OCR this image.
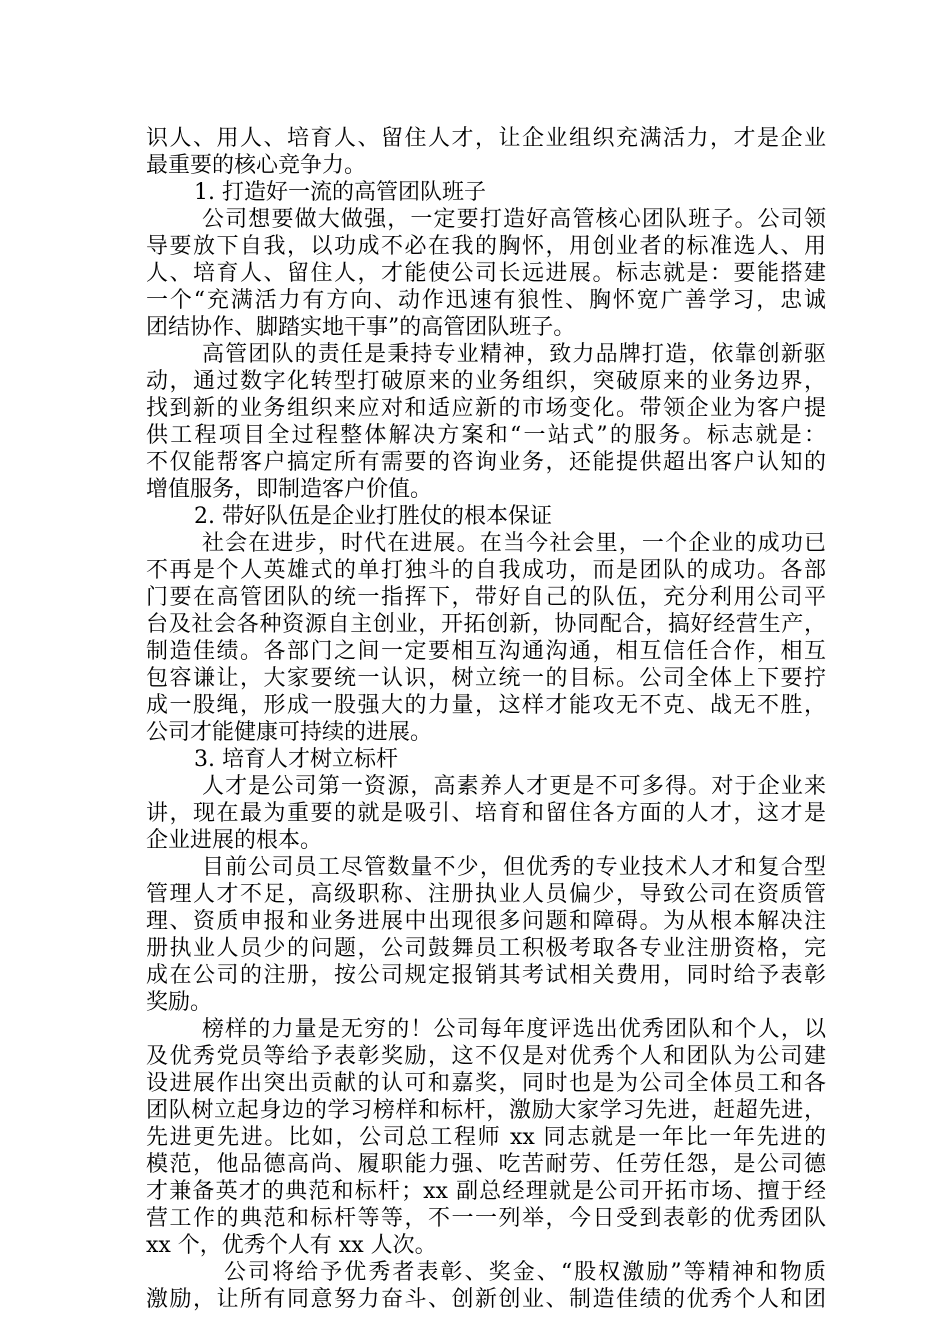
识人、用人、培育人、留住人才，让企业组织充满活力，才是企业
最重要的核心竞争力。
1. 打造好一流的高管团队班子
公司想要做大做强，一定要打造好高管核心团队班子。公司领
导要放下自我，以功成不必在我的胸怀，用创业者的标准选人、用
人、培育人、留住人，才能使公司长远进展。标志就是：要能搭建
一个“充满活力有方向、动作迅速有狼性、胸怀宽广善学习，忠诚
团结协作、脚踏实地干事”的高管团队班子。
高管团队的责任是秉持专业精神，致力品牌打造，依靠创新驱
动，通过数字化转型打破原来的业务组织，突破原来的业务边界，
找到新的业务组织来应对和适应新的市场变化。带领企业为客户提
供工程项目全过程整体解决方案和“一站式”的服务。标志就是：
不仅能帮客户搞定所有需要的咨询业务，还能提供超出客户认知的
增值服务，即制造客户价值。
2. 带好队伍是企业打胜仗的根本保证
社会在进步，时代在进展。在当今社会里，一个企业的成功已
不再是个人英雄式的单打独斗的自我成功，而是团队的成功。各部
门要在高管团队的统一指挥下，带好自己的队伍，充分利用公司平
台及社会各种资源自主创业，开拓创新，协同配合，搞好经营生产，
制造佳绩。各部门之间一定要相互沟通沟通，相互信任合作，相互
包容谦让，大家要统一认识，树立统一的目标。公司全体上下要拧
成一股绳，形成一股强大的力量，这样才能攻无不克、战无不胜，
公司才能健康可持续的进展。
3. 培育人才树立标杆
人才是公司第一资源，高素养人才更是不可多得。对于企业来
讲，现在最为重要的就是吸引、培育和留住各方面的人才，这才是
企业进展的根本。
目前公司员工尽管数量不少，但优秀的专业技术人才和复合型
管理人才不足，高级职称、注册执业人员偏少，导致公司在资质管
理、资质申报和业务进展中出现很多问题和障碍。为从根本解决注
册执业人员少的问题，公司鼓舞员工积极考取各专业注册资格，完
成在公司的注册，按公司规定报销其考试相关费用，同时给予表彰
奖励。
榜样的力量是无穷的！公司每年度评选出优秀团队和个人，以
及优秀党员等给予表彰奖励，这不仅是对优秀个人和团队为公司建
设进展作出突出贡献的认可和嘉奖，同时也是为公司全体员工和各
团队树立起身边的学习榜样和标杆，激励大家学习先进，赶超先进，
先进更先进。比如，公司总工程师 xx 同志就是一年比一年先进的
模范，他品德高尚、履职能力强、吃苦耐劳、任劳任怨，是公司德
才兼备英才的典范和标杆；xx 副总经理就是公司开拓市场、擅于经
营工作的典范和标杆等等，不一一列举，今日受到表彰的优秀团队
xx 个，优秀个人有 xx 人次。
公司将给予优秀者表彰、奖金、“股权激励”等精神和物质
激励，让所有同意努力奋斗、创新创业、制造佳绩的优秀个人和团
